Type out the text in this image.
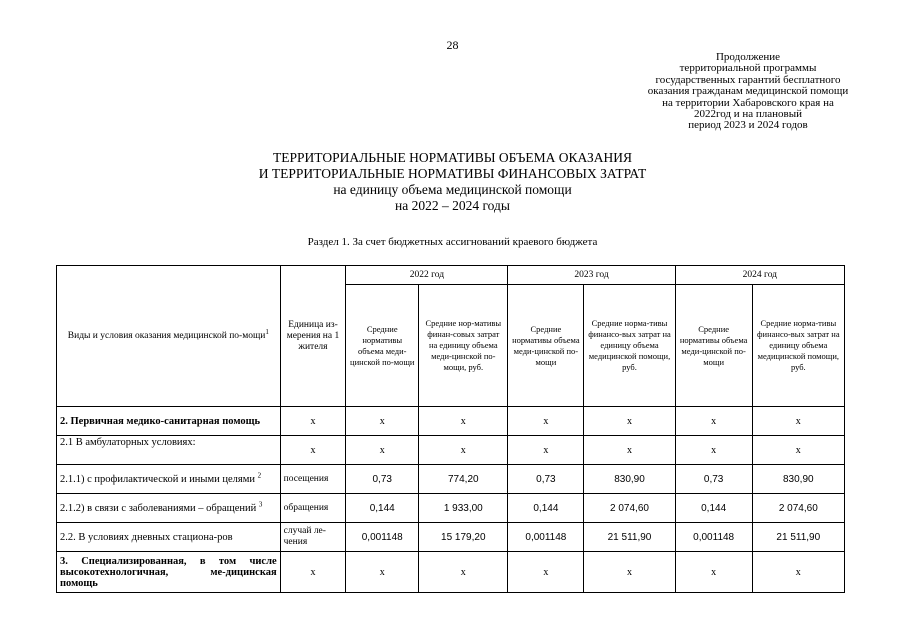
28
Продолжение
территориальной программы
государственных гарантий бесплатного
оказания гражданам медицинской помощи
на территории Хабаровского края на
2022год и на плановый
период 2023 и 2024 годов
ТЕРРИТОРИАЛЬНЫЕ НОРМАТИВЫ ОБЪЕМА ОКАЗАНИЯ
И ТЕРРИТОРИАЛЬНЫЕ НОРМАТИВЫ ФИНАНСОВЫХ ЗАТРАТ
на единицу объема медицинской помощи
на 2022 – 2024 годы
Раздел 1. За счет бюджетных ассигнований краевого бюджета
Виды и условия оказания медицинской по-мощи$^1$	Единица из-мерения на 1 жителя	2022 год		2023 год		2024 год	
		Средние нормативы объема меди-цинской по-мощи	Средние нор-мативы финан-совых затрат на единицу объема меди-цинской по-мощи, руб.	Средние нормативы объема меди-цинской по-мощи	Средние норма-тивы финансо-вых затрат на единицу объема медицинской помощи, руб.	Средние нормативы объема меди-цинской по-мощи	Средние норма-тивы финансо-вых затрат на единицу объема медицинской помощи, руб.
2. Первичная медико-санитарная помощь	х	х	х	х	х	х	х
2.1 В амбулаторных условиях:	х	х	х	х	х	х	х
2.1.1) с профилактической и иными целями $^2$	посещения	0,73	774,20	0,73	830,90	0,73	830,90
2.1.2) в связи с заболеваниями – обращений $^3$	обращения	0,144	1 933,00	0,144	2 074,60	0,144	2 074,60
2.2. В условиях дневных стациона-ров	случай ле-чения	0,001148	15 179,20	0,001148	21 511,90	0,001148	21 511,90
3. Специализированная, в том числе высокотехнологичная, ме-дицинская помощь	х	х	х	х	х	х	х
